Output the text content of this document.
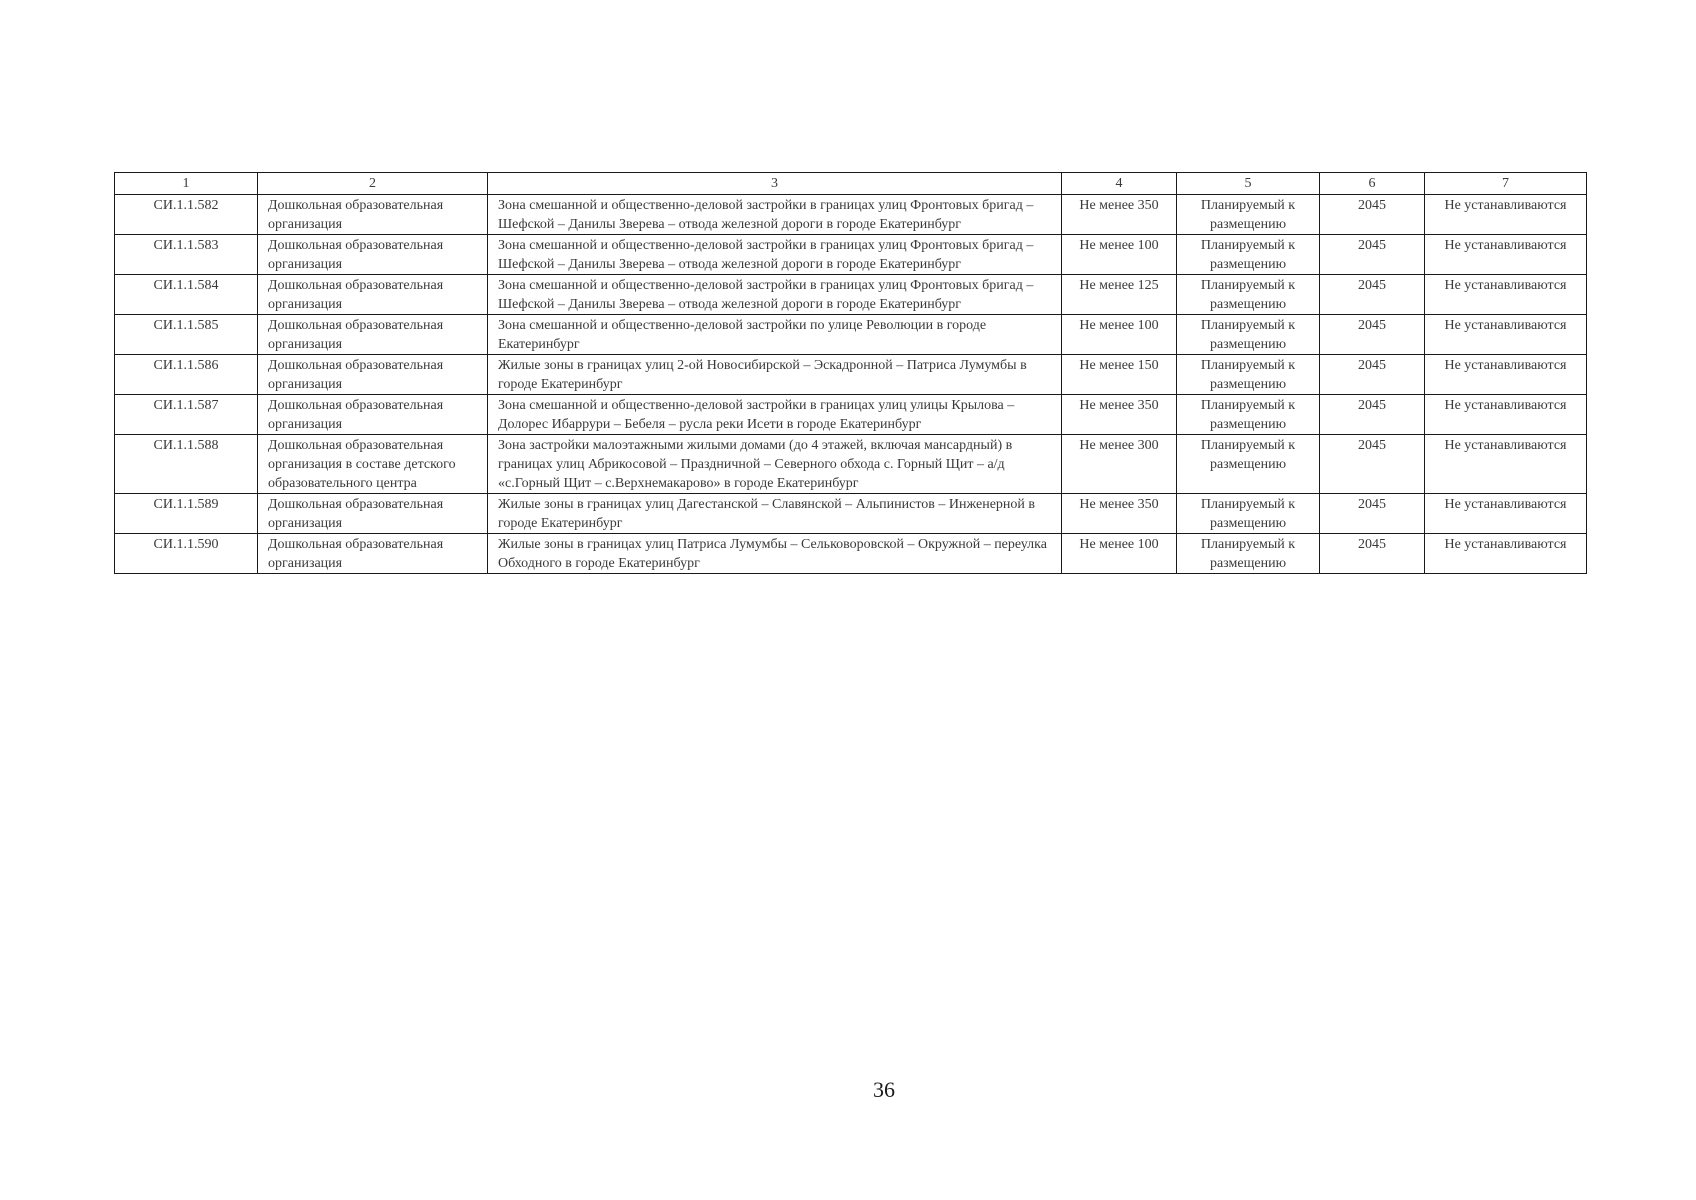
1	2	3	4	5	6	7
СИ.1.1.582	Дошкольная образовательная организация	Зона смешанной и общественно-деловой застройки в границах улиц Фронтовых бригад – Шефской – Данилы Зверева – отвода железной дороги в городе Екатеринбург	Не менее 350	Планируемый к размещению	2045	Не устанавливаются
СИ.1.1.583	Дошкольная образовательная организация	Зона смешанной и общественно-деловой застройки в границах улиц Фронтовых бригад – Шефской – Данилы Зверева – отвода железной дороги в городе Екатеринбург	Не менее 100	Планируемый к размещению	2045	Не устанавливаются
СИ.1.1.584	Дошкольная образовательная организация	Зона смешанной и общественно-деловой застройки в границах улиц Фронтовых бригад – Шефской – Данилы Зверева – отвода железной дороги в городе Екатеринбург	Не менее 125	Планируемый к размещению	2045	Не устанавливаются
СИ.1.1.585	Дошкольная образовательная организация	Зона смешанной и общественно-деловой застройки по улице Революции в городе Екатеринбург	Не менее 100	Планируемый к размещению	2045	Не устанавливаются
СИ.1.1.586	Дошкольная образовательная организация	Жилые зоны в границах улиц 2-ой Новосибирской – Эскадронной – Патриса Лумумбы в городе Екатеринбург	Не менее 150	Планируемый к размещению	2045	Не устанавливаются
СИ.1.1.587	Дошкольная образовательная организация	Зона смешанной и общественно-деловой застройки в границах улиц улицы Крылова – Долорес Ибаррури – Бебеля – русла реки Исети в городе Екатеринбург	Не менее 350	Планируемый к размещению	2045	Не устанавливаются
СИ.1.1.588	Дошкольная образовательная организация в составе детского образовательного центра	Зона застройки малоэтажными жилыми домами (до 4 этажей, включая мансардный) в границах улиц Абрикосовой – Праздничной – Северного обхода с. Горный Щит – а/д «с.Горный Щит – с.Верхнемакарово» в городе Екатеринбург	Не менее 300	Планируемый к размещению	2045	Не устанавливаются
СИ.1.1.589	Дошкольная образовательная организация	Жилые зоны в границах улиц Дагестанской – Славянской – Альпинистов – Инженерной в городе Екатеринбург	Не менее 350	Планируемый к размещению	2045	Не устанавливаются
СИ.1.1.590	Дошкольная образовательная организация	Жилые зоны в границах улиц Патриса Лумумбы – Сельковоровской – Окружной – переулка Обходного в городе Екатеринбург	Не менее 100	Планируемый к размещению	2045	Не устанавливаются
36
